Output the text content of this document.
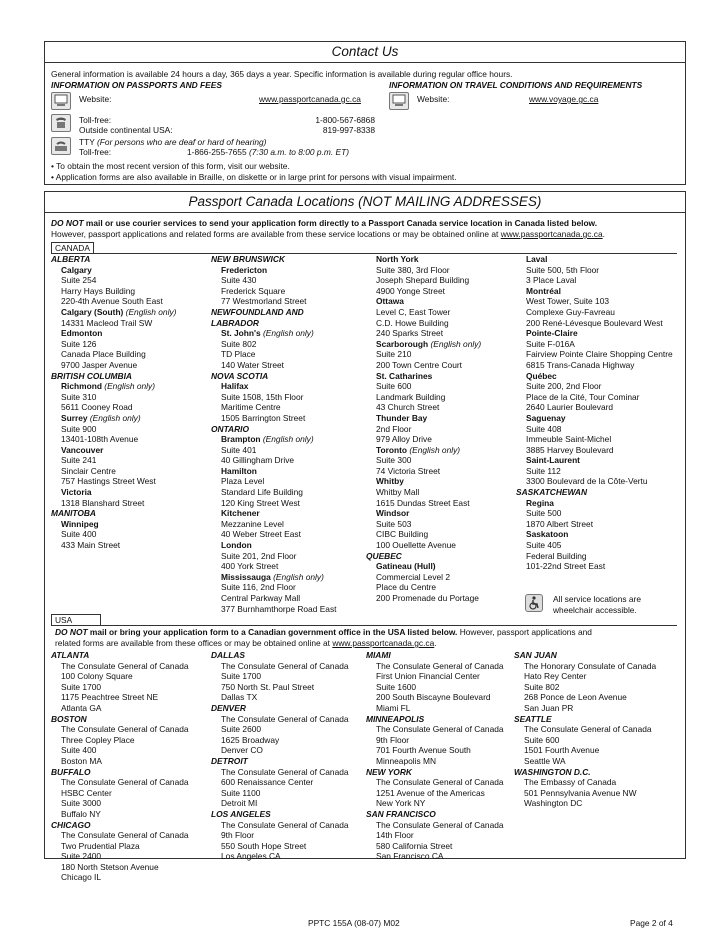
Contact Us
General information is available 24 hours a day, 365 days a year. Specific information is available during regular office hours.
INFORMATION ON PASSPORTS AND FEES	INFORMATION ON TRAVEL CONDITIONS AND REQUIREMENTS
Website:	www.passportcanada.gc.ca	Website:	www.voyage.gc.ca
Toll-free:	1-800-567-6868
Outside continental USA:	819-997-8338
TTY (For persons who are deaf or hard of hearing)
Toll-free:	1-866-255-7655 (7:30 a.m. to 8:00 p.m. ET)
• To obtain the most recent version of this form, visit our website.
• Application forms are also available in Braille, on diskette or in large print for persons with visual impairment.
Passport Canada Locations (NOT MAILING ADDRESSES)
DO NOT mail or use courier services to send your application form directly to a Passport Canada service location in Canada listed below.
However, passport applications and related forms are available from these service locations or may be obtained online at www.passportcanada.gc.ca.
CANADA
ALBERTA
Calgary
Suite 254
Harry Hays Building
220-4th Avenue South East
Calgary (South) (English only)
14331 Macleod Trail SW
Edmonton
Suite 126
Canada Place Building
9700 Jasper Avenue
BRITISH COLUMBIA
Richmond (English only)
Suite 310
5611 Cooney Road
Surrey (English only)
Suite 900
13401-108th Avenue
Vancouver
Suite 241
Sinclair Centre
757 Hastings Street West
Victoria
1318 Blanshard Street
MANITOBA
Winnipeg
Suite 400
433 Main Street
NEW BRUNSWICK
Fredericton
Suite 430
Frederick Square
77 Westmorland Street
NEWFOUNDLAND AND
LABRADOR
St. John's (English only)
Suite 802
TD Place
140 Water Street
NOVA SCOTIA
Halifax
Suite 1508, 15th Floor
Maritime Centre
1505 Barrington Street
ONTARIO
Brampton (English only)
Suite 401
40 Gillingham Drive
Hamilton
Plaza Level
Standard Life Building
120 King Street West
Kitchener
Mezzanine Level
40 Weber Street East
London
Suite 201, 2nd Floor
400 York Street
Mississauga (English only)
Suite 116, 2nd Floor
Central Parkway Mall
377 Burnhamthorpe Road East
North York
Suite 380, 3rd Floor
Joseph Shepard Building
4900 Yonge Street
Ottawa
Level C, East Tower
C.D. Howe Building
240 Sparks Street
Scarborough (English only)
Suite 210
200 Town Centre Court
St. Catharines
Suite 600
Landmark Building
43 Church Street
Thunder Bay
2nd Floor
979 Alloy Drive
Toronto (English only)
Suite 300
74 Victoria Street
Whitby
Whitby Mall
1615 Dundas Street East
Windsor
Suite 503
CIBC Building
100 Ouellette Avenue
QUEBEC
Gatineau (Hull)
Commercial Level 2
Place du Centre
200 Promenade du Portage
Laval
Suite 500, 5th Floor
3 Place Laval
Montréal
West Tower, Suite 103
Complexe Guy-Favreau
200 René-Lévesque Boulevard West
Pointe-Claire
Suite F-016A
Fairview Pointe Claire Shopping Centre
6815 Trans-Canada Highway
Québec
Suite 200, 2nd Floor
Place de la Cité, Tour Cominar
2640 Laurier Boulevard
Saguenay
Suite 408
Immeuble Saint-Michel
3885 Harvey Boulevard
Saint-Laurent
Suite 112
3300 Boulevard de la Côte-Vertu
SASKATCHEWAN
Regina
Suite 500
1870 Albert Street
Saskatoon
Suite 405
Federal Building
101-22nd Street East
All service locations are
wheelchair accessible.
USA
DO NOT mail or bring your application form to a Canadian government office in the USA listed below. However, passport applications and
related forms are available from these offices or may be obtained online at www.passportcanada.gc.ca.
ATLANTA
The Consulate General of Canada
100 Colony Square
Suite 1700
1175 Peachtree Street NE
Atlanta GA
BOSTON
The Consulate General of Canada
Three Copley Place
Suite 400
Boston MA
BUFFALO
The Consulate General of Canada
HSBC Center
Suite 3000
Buffalo NY
CHICAGO
The Consulate General of Canada
Two Prudential Plaza
Suite 2400
180 North Stetson Avenue
Chicago IL
DALLAS
The Consulate General of Canada
Suite 1700
750 North St. Paul Street
Dallas TX
DENVER
The Consulate General of Canada
Suite 2600
1625 Broadway
Denver CO
DETROIT
The Consulate General of Canada
600 Renaissance Center
Suite 1100
Detroit MI
LOS ANGELES
The Consulate General of Canada
9th Floor
550 South Hope Street
Los Angeles CA
MIAMI
The Consulate General of Canada
First Union Financial Center
Suite 1600
200 South Biscayne Boulevard
Miami FL
MINNEAPOLIS
The Consulate General of Canada
9th Floor
701 Fourth Avenue South
Minneapolis MN
NEW YORK
The Consulate General of Canada
1251 Avenue of the Americas
New York NY
SAN FRANCISCO
The Consulate General of Canada
14th Floor
580 California Street
San Francisco CA
SAN JUAN
The Honorary Consulate of Canada
Hato Rey Center
Suite 802
268 Ponce de Leon Avenue
San Juan PR
SEATTLE
The Consulate General of Canada
Suite 600
1501 Fourth Avenue
Seattle WA
WASHINGTON D.C.
The Embassy of Canada
501 Pennsylvania Avenue NW
Washington DC
PPTC 155A (08-07) M02	Page 2 of 4
